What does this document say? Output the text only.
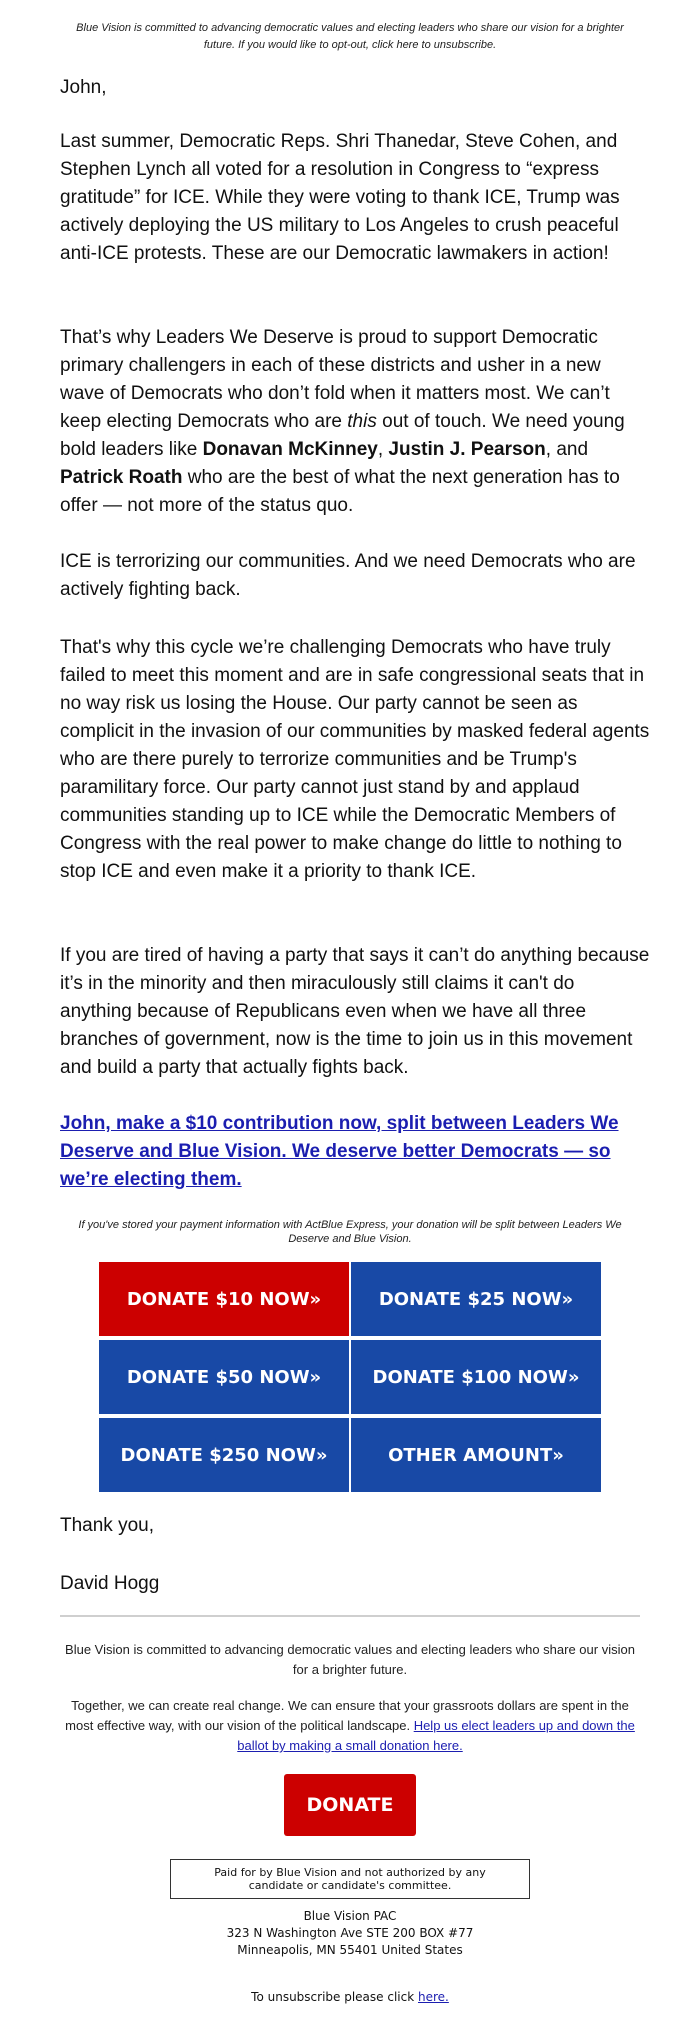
Blue Vision is committed to advancing democratic values and electing leaders who share our vision for a brighter future. If you would like to opt-out, click here to unsubscribe.

John,

Last summer, Democratic Reps. Shri Thanedar, Steve Cohen, and Stephen Lynch all voted for a resolution in Congress to “express gratitude” for ICE. While they were voting to thank ICE, Trump was actively deploying the US military to Los Angeles to crush peaceful anti-ICE protests. These are our Democratic lawmakers in action!

That’s why Leaders We Deserve is proud to support Democratic primary challengers in each of these districts and usher in a new wave of Democrats who don’t fold when it matters most. We can’t keep electing Democrats who are this out of touch. We need young bold leaders like Donavan McKinney, Justin J. Pearson, and Patrick Roath who are the best of what the next generation has to offer — not more of the status quo.

ICE is terrorizing our communities. And we need Democrats who are actively fighting back.

That's why this cycle we’re challenging Democrats who have truly failed to meet this moment and are in safe congressional seats that in no way risk us losing the House. Our party cannot be seen as complicit in the invasion of our communities by masked federal agents who are there purely to terrorize communities and be Trump's paramilitary force. Our party cannot just stand by and applaud communities standing up to ICE while the Democratic Members of Congress with the real power to make change do little to nothing to stop ICE and even make it a priority to thank ICE.

If you are tired of having a party that says it can’t do anything because it’s in the minority and then miraculously still claims it can't do anything because of Republicans even when we have all three branches of government, now is the time to join us in this movement and build a party that actually fights back.

John, make a $10 contribution now, split between Leaders We Deserve and Blue Vision. We deserve better Democrats — so we’re electing them.

If you've stored your payment information with ActBlue Express, your donation will be split between Leaders We Deserve and Blue Vision.
DONATE $10 NOW»	DONATE $25 NOW»
DONATE $50 NOW»	DONATE $100 NOW»
DONATE $250 NOW»	OTHER AMOUNT»
Thank you,
David Hogg
Blue Vision is committed to advancing democratic values and electing leaders who share our vision for a brighter future.
Together, we can create real change. We can ensure that your grassroots dollars are spent in the most effective way, with our vision of the political landscape. Help us elect leaders up and down the ballot by making a small donation here.
DONATE
Paid for by Blue Vision and not authorized by any candidate or candidate's committee.
Blue Vision PAC
323 N Washington Ave STE 200 BOX #77
Minneapolis, MN 55401 United States
To unsubscribe please click here.
